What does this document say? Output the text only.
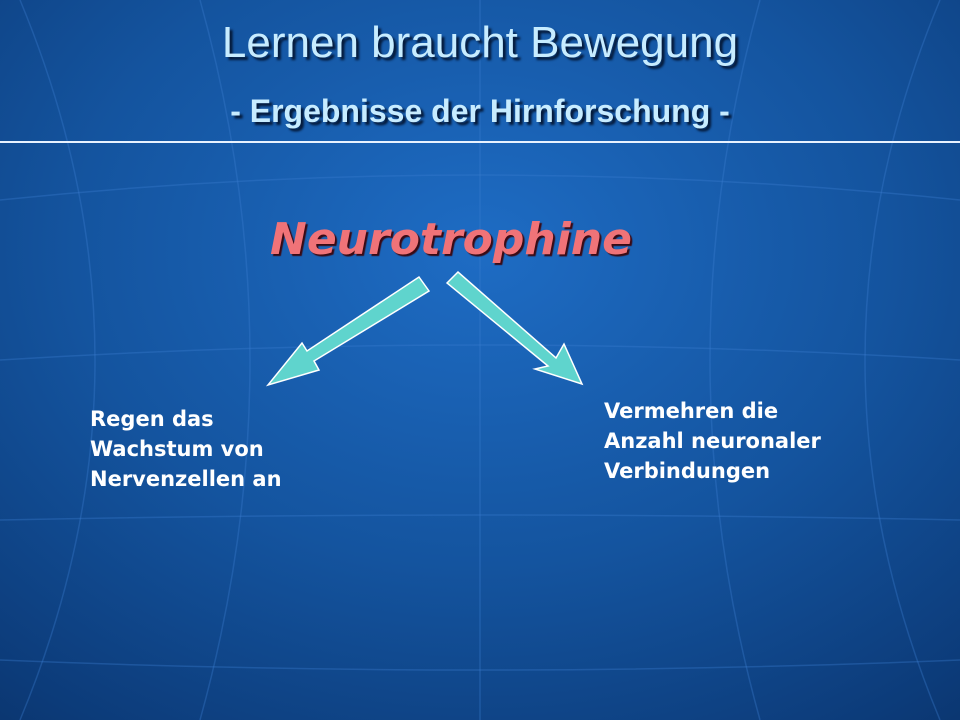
Lernen braucht Bewegung
- Ergebnisse der Hirnforschung -
Neurotrophine

Regen das
Wachstum von
Nervenzellen an

Vermehren die
Anzahl neuronaler
Verbindungen
